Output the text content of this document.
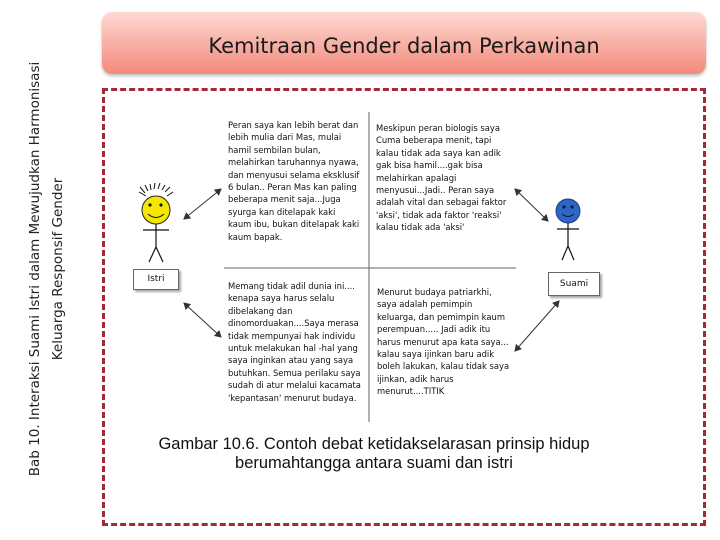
Bab 10. Interaksi Suami Istri dalam Mewujudkan Harmonisasi Keluarga Responsif Gender
Kemitraan Gender dalam Perkawinan
Istri	Suami
Peran saya kan lebih berat dan lebih mulia dari Mas, mulai hamil sembilan bulan, melahirkan taruhannya nyawa, dan menyusui selama eksklusif 6 bulan.. Peran Mas kan paling beberapa menit saja...Juga syurga kan ditelapak kaki kaum ibu, bukan ditelapak kaki kaum bapak.
Meskipun peran biologis saya Cuma beberapa menit, tapi kalau tidak ada saya kan adik gak bisa hamil....gak bisa melahirkan apalagi menyusui...Jadi.. Peran saya adalah vital dan sebagai faktor 'aksi', tidak ada faktor 'reaksi' kalau tidak ada 'aksi'
Memang tidak adil dunia ini.... kenapa saya harus selalu dibelakang dan dinomorduakan....Saya merasa tidak mempunyai hak individu untuk melakukan hal -hal yang saya inginkan atau yang saya butuhkan. Semua perilaku saya sudah di atur melalui kacamata 'kepantasan' menurut budaya.
Menurut budaya patriarkhi, saya adalah pemimpin keluarga, dan pemimpin kaum perempuan..... Jadi adik itu harus menurut apa kata saya... kalau saya ijinkan baru adik boleh lakukan, kalau tidak saya ijinkan, adik harus menurut....TITIK
Gambar 10.6. Contoh debat ketidakselarasan prinsip hidup
berumahtangga antara suami dan istri
